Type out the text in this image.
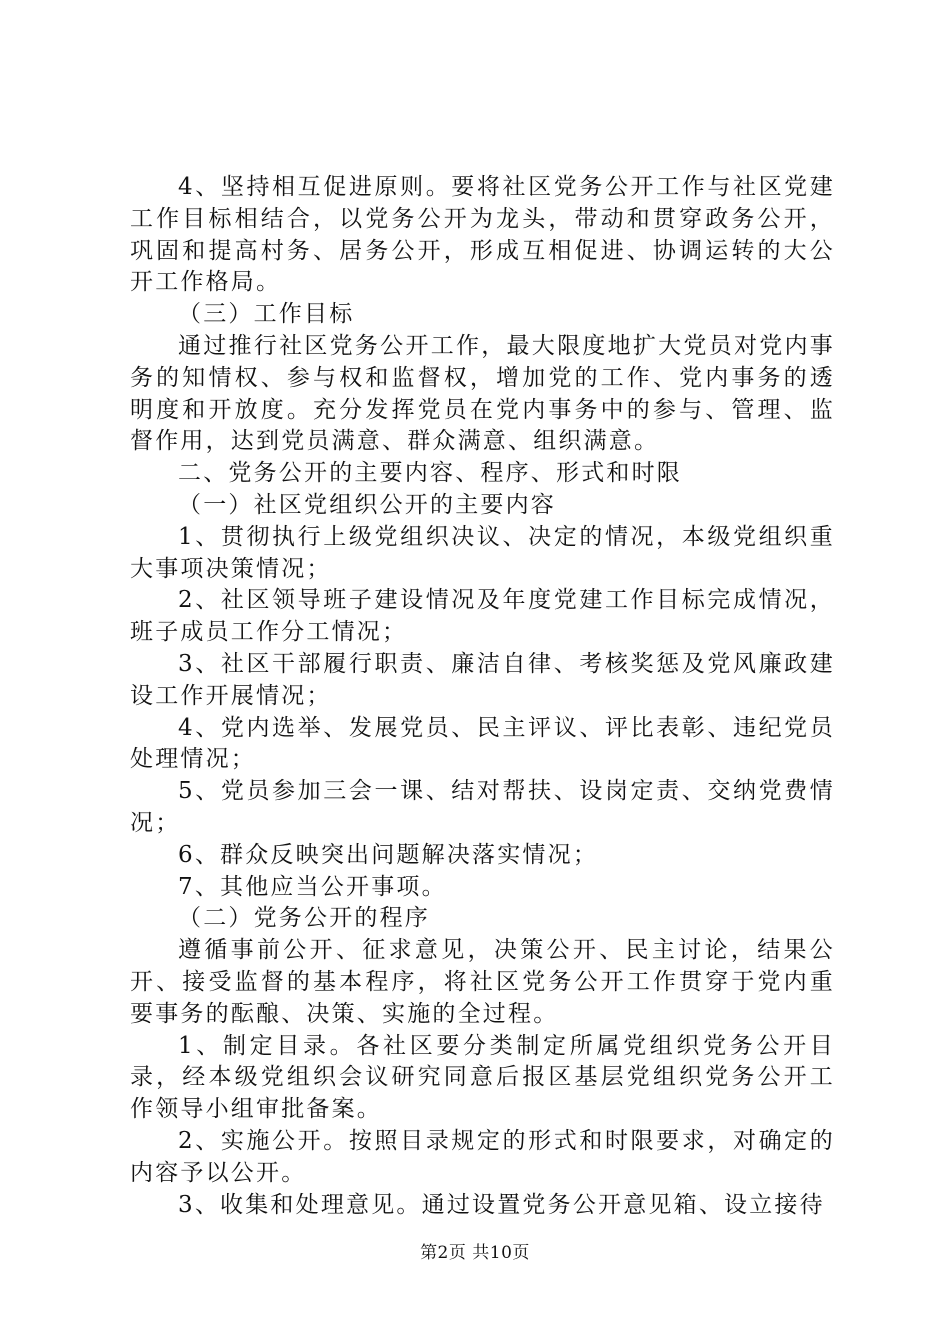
4、坚持相互促进原则。要将社区党务公开工作与社区党建工作目标相结合，以党务公开为龙头，带动和贯穿政务公开，巩固和提高村务、居务公开，形成互相促进、协调运转的大公开工作格局。

（三）工作目标

通过推行社区党务公开工作，最大限度地扩大党员对党内事务的知情权、参与权和监督权，增加党的工作、党内事务的透明度和开放度。充分发挥党员在党内事务中的参与、管理、监督作用，达到党员满意、群众满意、组织满意。

二、党务公开的主要内容、程序、形式和时限

（一）社区党组织公开的主要内容

1、贯彻执行上级党组织决议、决定的情况，本级党组织重大事项决策情况；

2、社区领导班子建设情况及年度党建工作目标完成情况，班子成员工作分工情况；

3、社区干部履行职责、廉洁自律、考核奖惩及党风廉政建设工作开展情况；

4、党内选举、发展党员、民主评议、评比表彰、违纪党员处理情况；

5、党员参加三会一课、结对帮扶、设岗定责、交纳党费情况；

6、群众反映突出问题解决落实情况；

7、其他应当公开事项。

（二）党务公开的程序

遵循事前公开、征求意见，决策公开、民主讨论，结果公开、接受监督的基本程序，将社区党务公开工作贯穿于党内重要事务的酝酿、决策、实施的全过程。

1、制定目录。各社区要分类制定所属党组织党务公开目录，经本级党组织会议研究同意后报区基层党组织党务公开工作领导小组审批备案。

2、实施公开。按照目录规定的形式和时限要求，对确定的内容予以公开。

3、收集和处理意见。通过设置党务公开意见箱、设立接待

第2页 共10页
